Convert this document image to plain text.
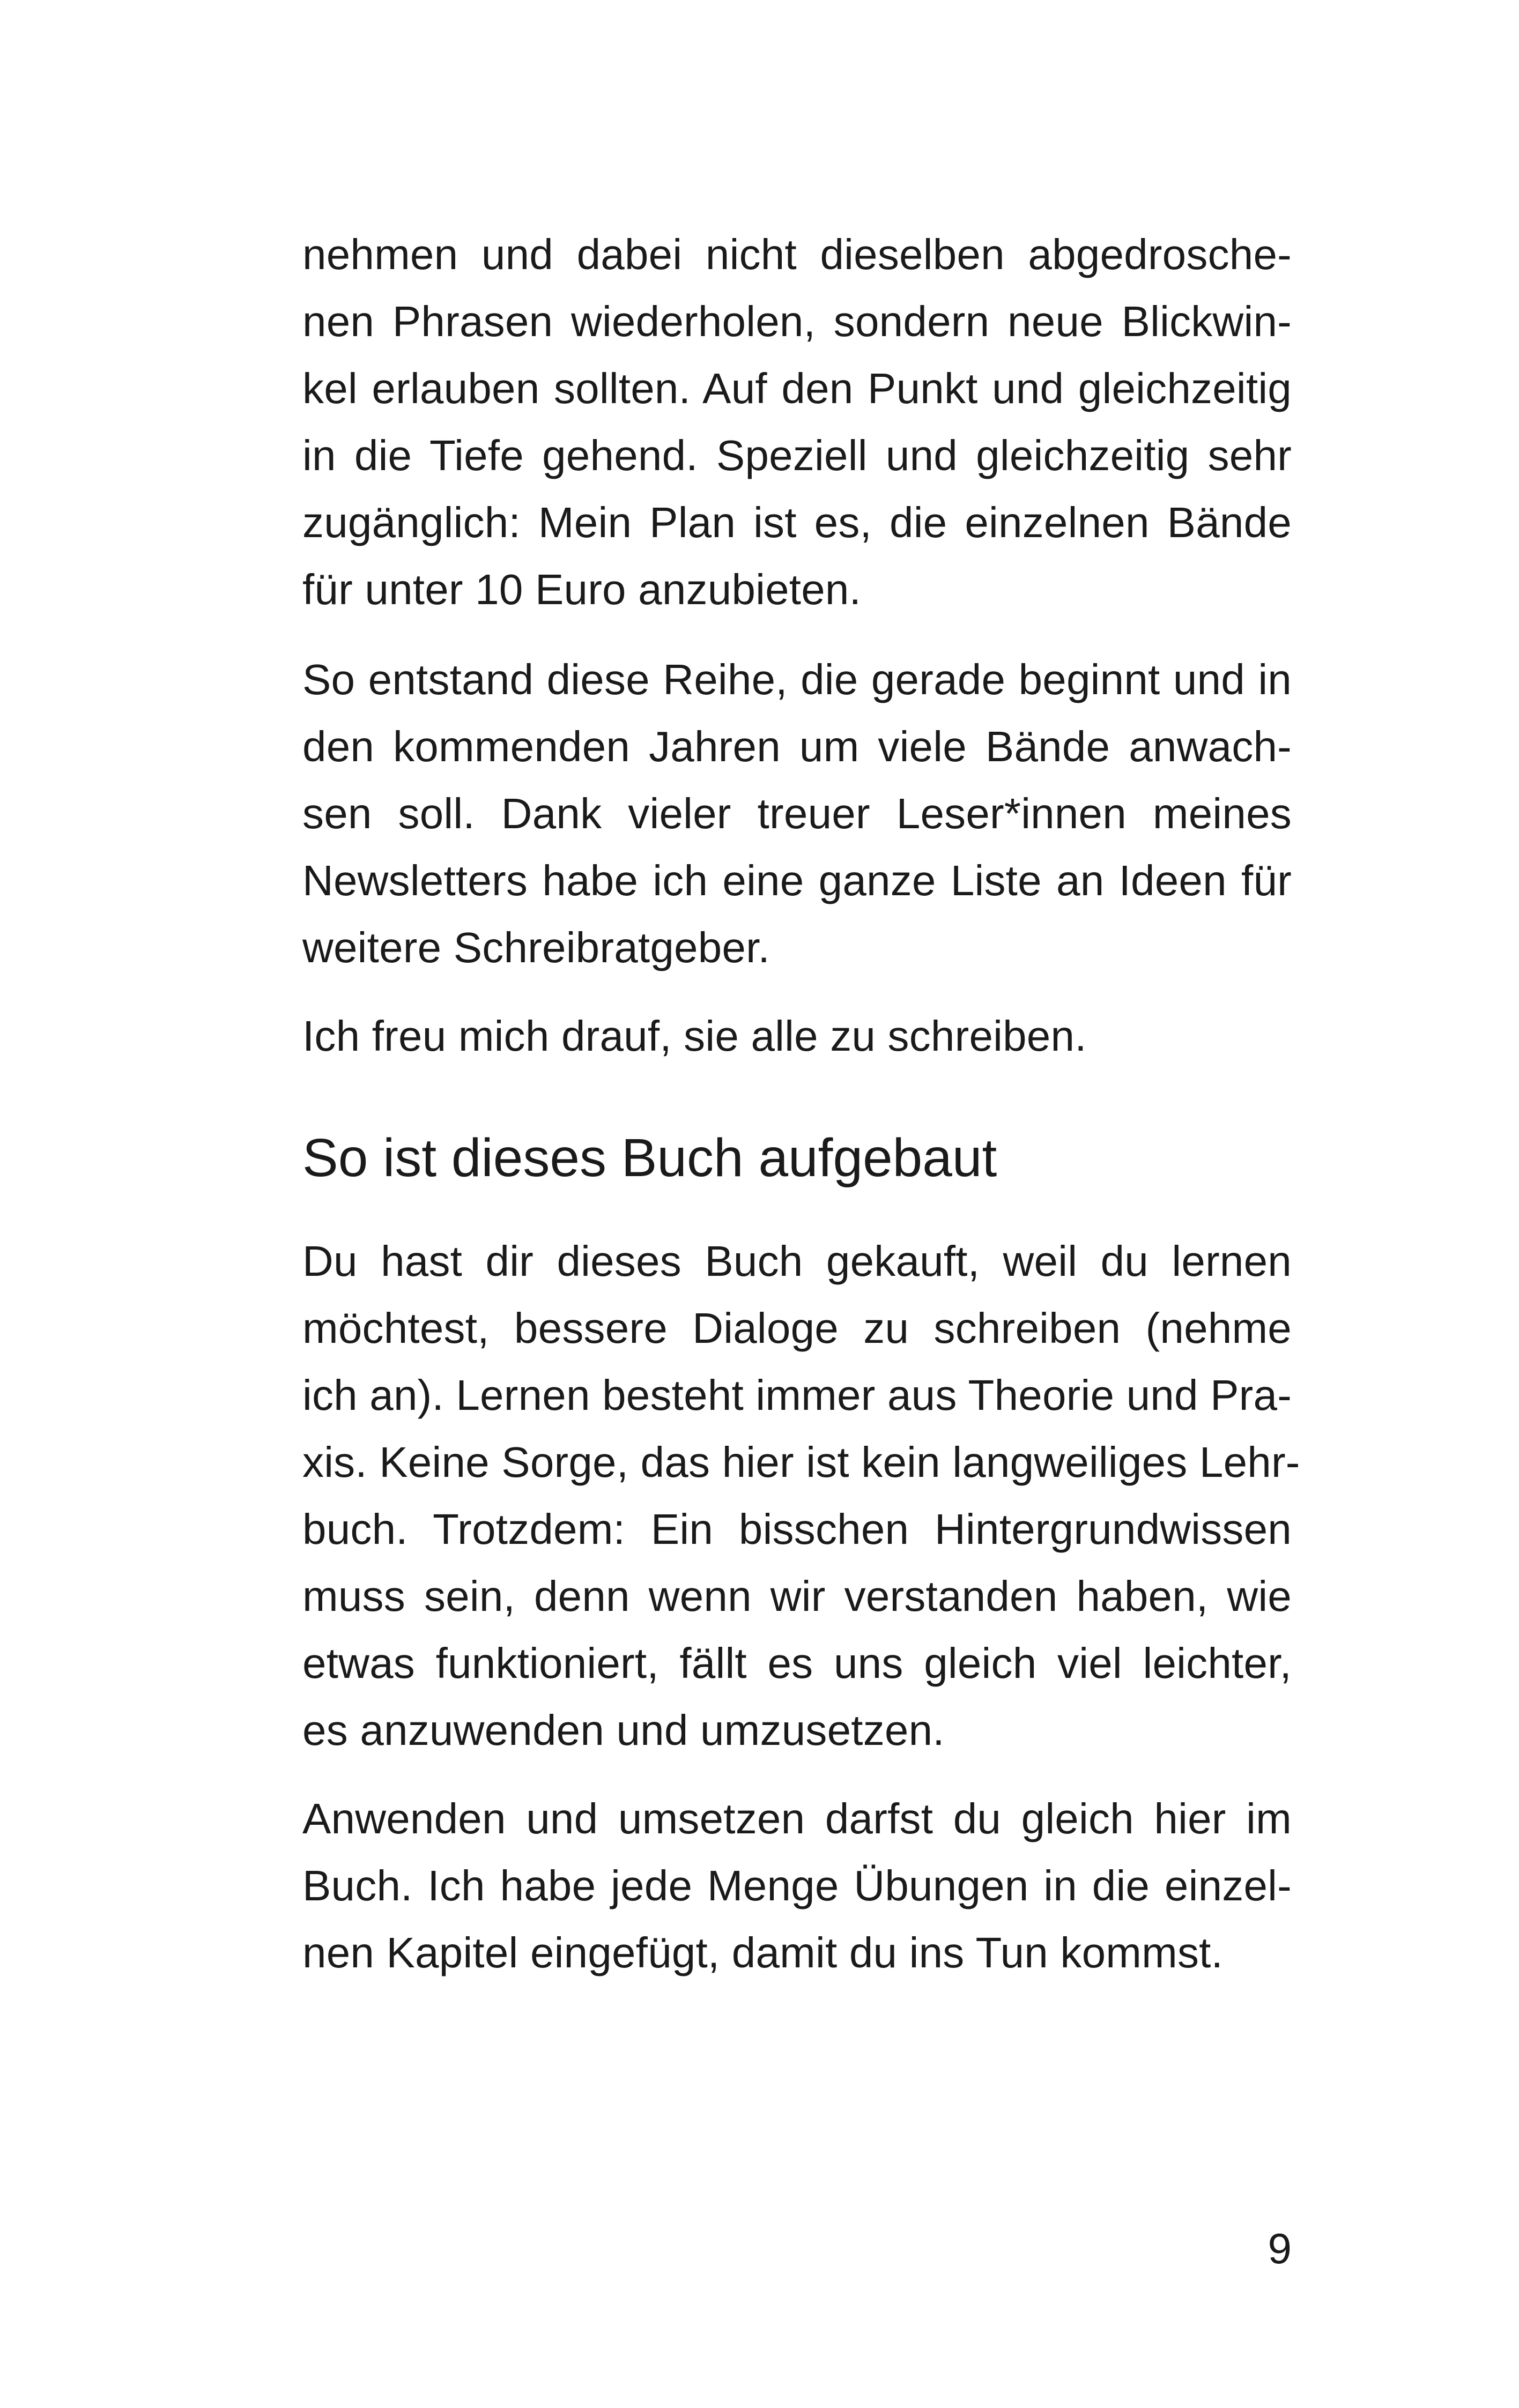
nehmen und dabei nicht dieselben abgedrosche-
nen Phrasen wiederholen, sondern neue Blickwin-
kel erlauben sollten. Auf den Punkt und gleichzeitig
in die Tiefe gehend. Speziell und gleichzeitig sehr
zugänglich: Mein Plan ist es, die einzelnen Bände
für unter 10 Euro anzubieten.

So entstand diese Reihe, die gerade beginnt und in
den kommenden Jahren um viele Bände anwach-
sen soll. Dank vieler treuer Leser*innen meines
Newsletters habe ich eine ganze Liste an Ideen für
weitere Schreibratgeber.

Ich freu mich drauf, sie alle zu schreiben.

So ist dieses Buch aufgebaut

Du hast dir dieses Buch gekauft, weil du lernen
möchtest, bessere Dialoge zu schreiben (nehme
ich an). Lernen besteht immer aus Theorie und Pra-
xis. Keine Sorge, das hier ist kein langweiliges Lehr-
buch. Trotzdem: Ein bisschen Hintergrundwissen
muss sein, denn wenn wir verstanden haben, wie
etwas funktioniert, fällt es uns gleich viel leichter,
es anzuwenden und umzusetzen.

Anwenden und umsetzen darfst du gleich hier im
Buch. Ich habe jede Menge Übungen in die einzel-
nen Kapitel eingefügt, damit du ins Tun kommst.

9
